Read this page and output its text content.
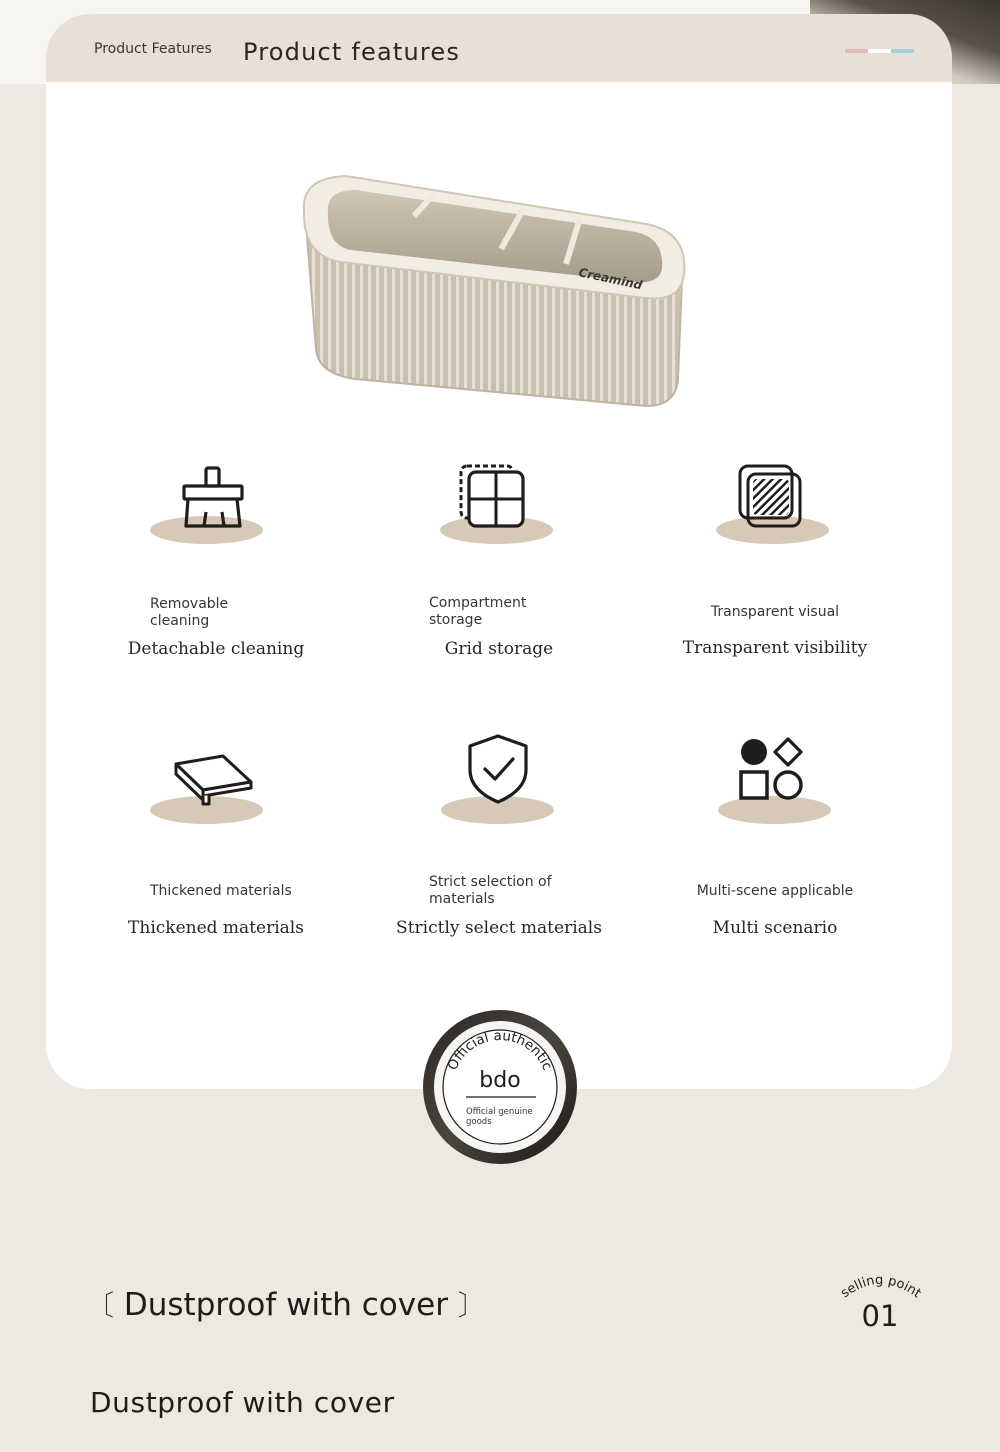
Product Features Product features
Creamind
Removable
cleaning
Detachable cleaning
Compartment
storage
Grid storage
Transparent visual
Transparent visibility
Thickened materials
Thickened materials
Strict selection of
materials
Strictly select materials
Multi-scene applicable
Multi scenario
Official authentic
bdo
Official genuine
goods
〔 Dustproof with cover 〕	selling point
01
Dustproof with cover
